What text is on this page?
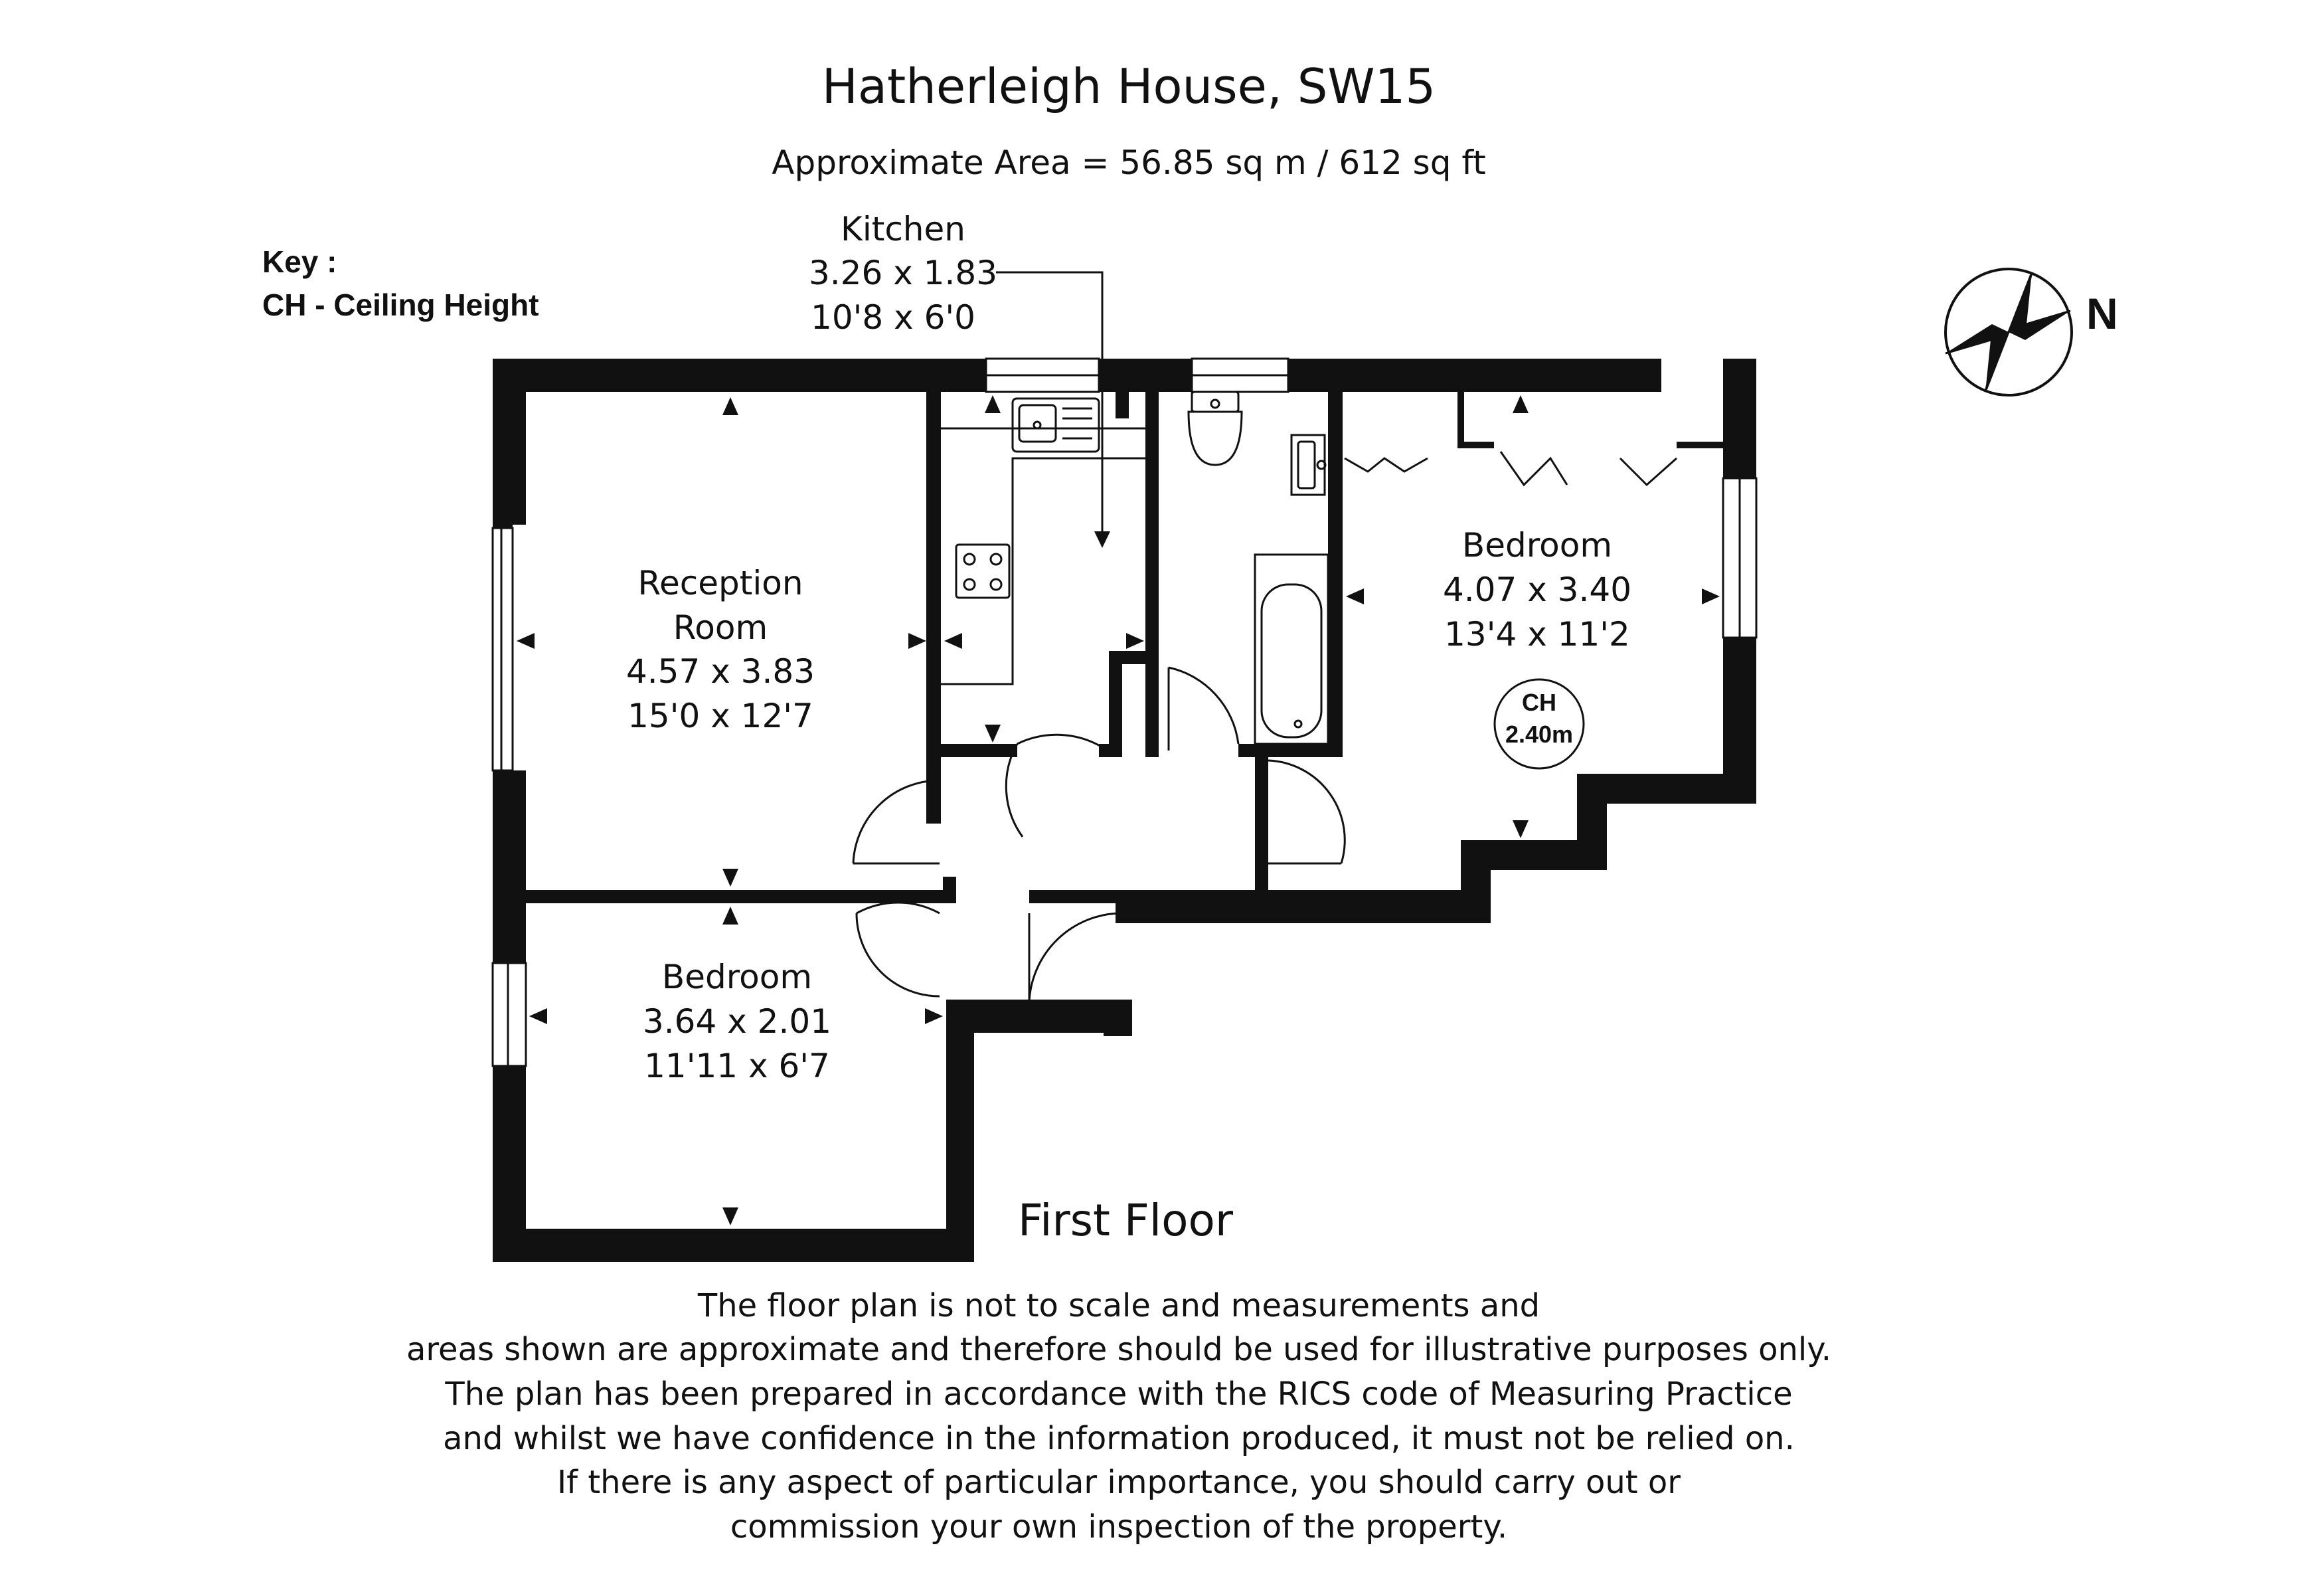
Hatherleigh House, SW15
Approximate Area = 56.85 sq m / 612 sq ft
Key :
CH - Ceiling Height	N
Kitchen
3.26 x 1.83
10'8 x 6'0
Reception
Room
4.57 x 3.83
15'0 x 12'7
Bedroom
4.07 x 3.40
13'4 x 11'2
Bedroom
3.64 x 2.01
11'11 x 6'7
CH
2.40m
First Floor
The floor plan is not to scale and measurements and
areas shown are approximate and therefore should be used for illustrative purposes only.
The plan has been prepared in accordance with the RICS code of Measuring Practice
and whilst we have confidence in the information produced, it must not be relied on.
If there is any aspect of particular importance, you should carry out or
commission your own inspection of the property.
